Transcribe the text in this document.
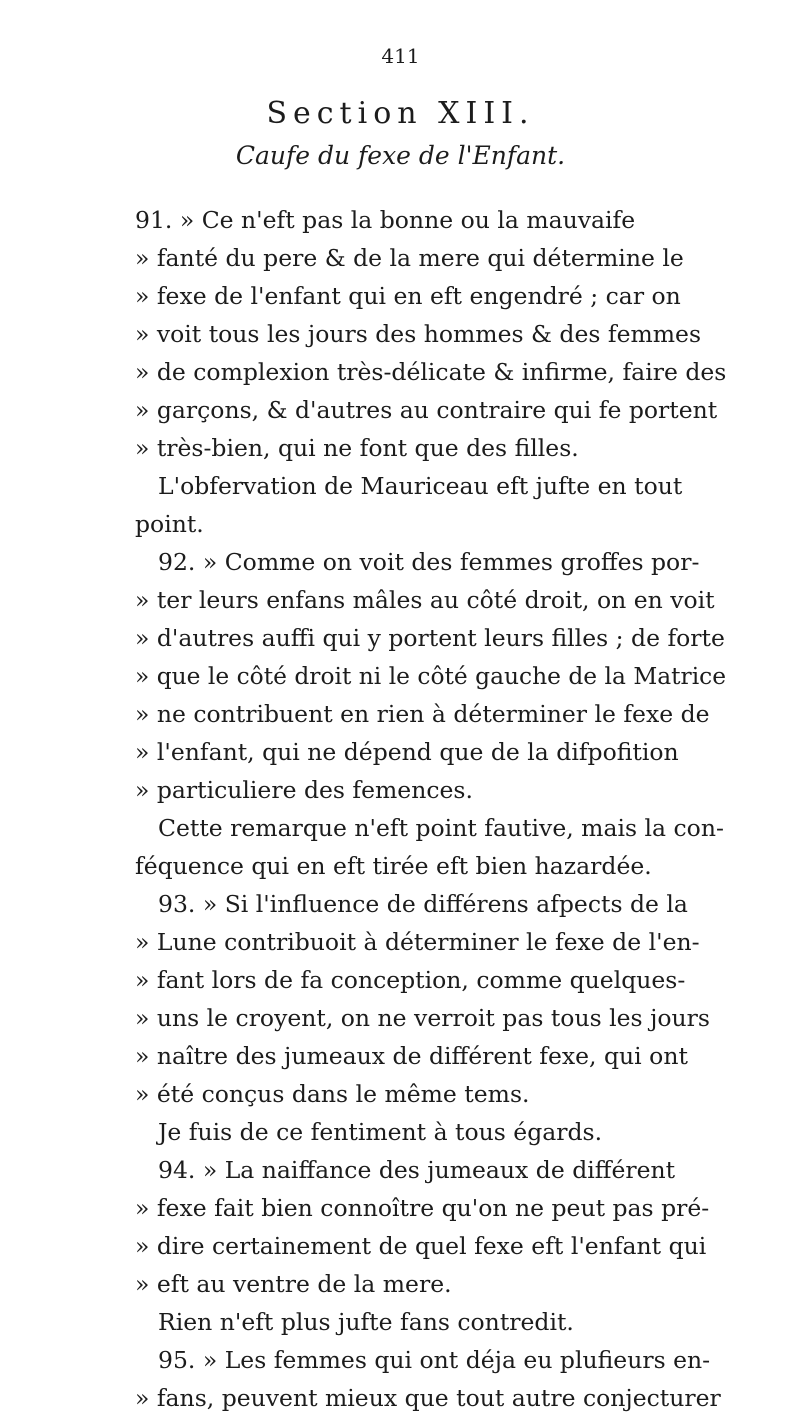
411
Section XIII.
Caufe du fexe de l'Enfant.
91. » Ce n'eft pas la bonne ou la mauvaife
» fanté du pere & de la mere qui détermine le
» fexe de l'enfant qui en eft engendré ; car on
» voit tous les jours des hommes & des femmes
» de complexion très-délicate & infirme, faire des
» garçons, & d'autres au contraire qui fe portent
» très-bien, qui ne font que des filles.
L'obfervation de Mauriceau eft jufte en tout
point.
92. » Comme on voit des femmes groffes por-
» ter leurs enfans mâles au côté droit, on en voit
» d'autres auffi qui y portent leurs filles ; de forte
» que le côté droit ni le côté gauche de la Matrice
» ne contribuent en rien à déterminer le fexe de
» l'enfant, qui ne dépend que de la difpofition
» particuliere des femences.
Cette remarque n'eft point fautive, mais la con-
féquence qui en eft tirée eft bien hazardée.
93. » Si l'influence de différens afpects de la
» Lune contribuoit à déterminer le fexe de l'en-
» fant lors de fa conception, comme quelques-
» uns le croyent, on ne verroit pas tous les jours
» naître des jumeaux de différent fexe, qui ont
» été conçus dans le même tems.
Je fuis de ce fentiment à tous égards.
94. » La naiffance des jumeaux de différent
» fexe fait bien connoître qu'on ne peut pas pré-
» dire certainement de quel fexe eft l'enfant qui
» eft au ventre de la mere.
Rien n'eft plus jufte fans contredit.
95. » Les femmes qui ont déja eu plufieurs en-
» fans, peuvent mieux que tout autre conjecturer
